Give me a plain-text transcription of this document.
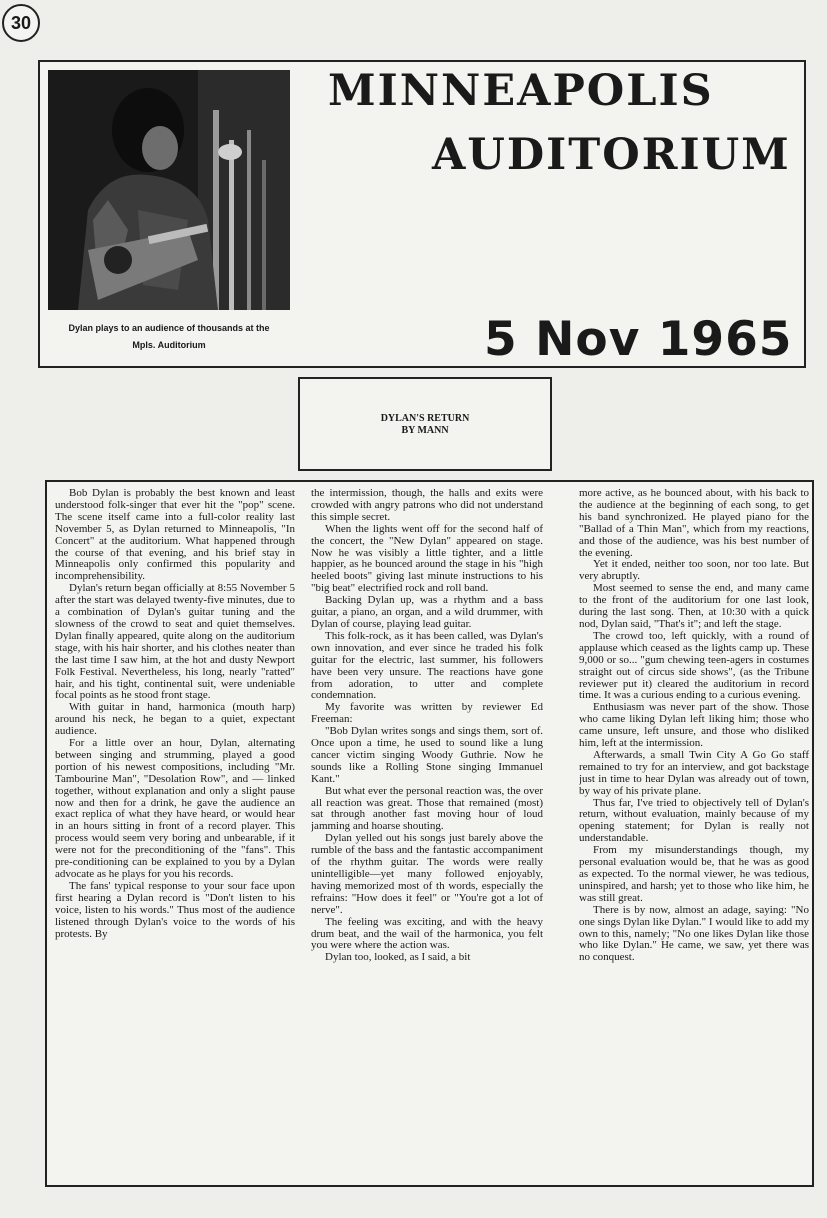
30
Dylan plays to an audience of thousands at the
Mpls. Auditorium
MINNEAPOLIS
AUDITORIUM
5 Nov 1965
DYLAN'S RETURN
BY MANN

Bob Dylan is probably the best known and least understood folk-singer that ever hit the "pop" scene. The scene itself came into a full-color reality last November 5, as Dylan returned to Minneapolis, "In Concert" at the auditorium. What happened through the course of that evening, and his brief stay in Minneapolis only confirmed this popularity and incomprehensibility.

Dylan's return began officially at 8:55 November 5 after the start was delayed twenty-five minutes, due to a combination of Dylan's guitar tuning and the slowness of the crowd to seat and quiet themselves. Dylan finally appeared, quite along on the auditorium stage, with his hair shorter, and his clothes neater than the last time I saw him, at the hot and dusty Newport Folk Festival. Nevertheless, his long, nearly "ratted" hair, and his tight, continental suit, were undeniable focal points as he stood front stage.

With guitar in hand, harmonica (mouth harp) around his neck, he began to a quiet, expectant audience.

For a little over an hour, Dylan, alternating between singing and strumming, played a good portion of his newest compositions, including "Mr. Tambourine Man", "Desolation Row", and — linked together, without explanation and only a slight pause now and then for a drink, he gave the audience an exact replica of what they have heard, or would hear in an hours sitting in front of a record player. This process would seem very boring and unbearable, if it were not for the preconditioning of the "fans". This pre-conditioning can be explained to you by a Dylan advocate as he plays for you his records.

The fans' typical response to your sour face upon first hearing a Dylan record is "Don't listen to his voice, listen to his words." Thus most of the audience listened through Dylan's voice to the words of his protests. By

the intermission, though, the halls and exits were crowded with angry patrons who did not understand this simple secret.

When the lights went off for the second half of the concert, the "New Dylan" appeared on stage. Now he was visibly a little tighter, and a little happier, as he bounced around the stage in his "high heeled boots" giving last minute instructions to his "big beat" electrified rock and roll band.

Backing Dylan up, was a rhythm and a bass guitar, a piano, an organ, and a wild drummer, with Dylan of course, playing lead guitar.

This folk-rock, as it has been called, was Dylan's own innovation, and ever since he traded his folk guitar for the electric, last summer, his followers have been very unsure. The reactions have gone from adoration, to utter and complete condemnation.

My favorite was written by reviewer Ed Freeman:

"Bob Dylan writes songs and sings them, sort of. Once upon a time, he used to sound like a lung cancer victim singing Woody Guthrie. Now he sounds like a Rolling Stone singing Immanuel Kant."

But what ever the personal reaction was, the over all reaction was great. Those that remained (most) sat through another fast moving hour of loud jamming and hoarse shouting.

Dylan yelled out his songs just barely above the rumble of the bass and the fantastic accompaniment of the rhythm guitar. The words were really unintelligible—yet many followed enjoyably, having memorized most of th words, especially the refrains: "How does it feel" or "You're got a lot of nerve".

The feeling was exciting, and with the heavy drum beat, and the wail of the harmonica, you felt you were where the action was.

Dylan too, looked, as I said, a bit

more active, as he bounced about, with his back to the audience at the beginning of each song, to get his band synchronized. He played piano for the "Ballad of a Thin Man", which from my reactions, and those of the audience, was his best number of the evening.

Yet it ended, neither too soon, nor too late. But very abruptly.

Most seemed to sense the end, and many came to the front of the auditorium for one last look, during the last song. Then, at 10:30 with a quick nod, Dylan said, "That's it"; and left the stage.

The crowd too, left quickly, with a round of applause which ceased as the lights camp up. These 9,000 or so... "gum chewing teen-agers in costumes straight out of circus side shows", (as the Tribune reviewer put it) cleared the auditorium in record time. It was a curious ending to a curious evening.

Enthusiasm was never part of the show. Those who came liking Dylan left liking him; those who came unsure, left unsure, and those who disliked him, left at the intermission.

Afterwards, a small Twin City A Go Go staff remained to try for an interview, and got backstage just in time to hear Dylan was already out of town, by way of his private plane.

Thus far, I've tried to objectively tell of Dylan's return, without evaluation, mainly because of my opening statement; for Dylan is really not understandable.

From my misunderstandings though, my personal evaluation would be, that he was as good as expected. To the normal viewer, he was tedious, uninspired, and harsh; yet to those who like him, he was still great.

There is by now, almost an adage, saying: "No one sings Dylan like Dylan." I would like to add my own to this, namely; "No one likes Dylan like those who like Dylan." He came, we saw, yet there was no conquest.
